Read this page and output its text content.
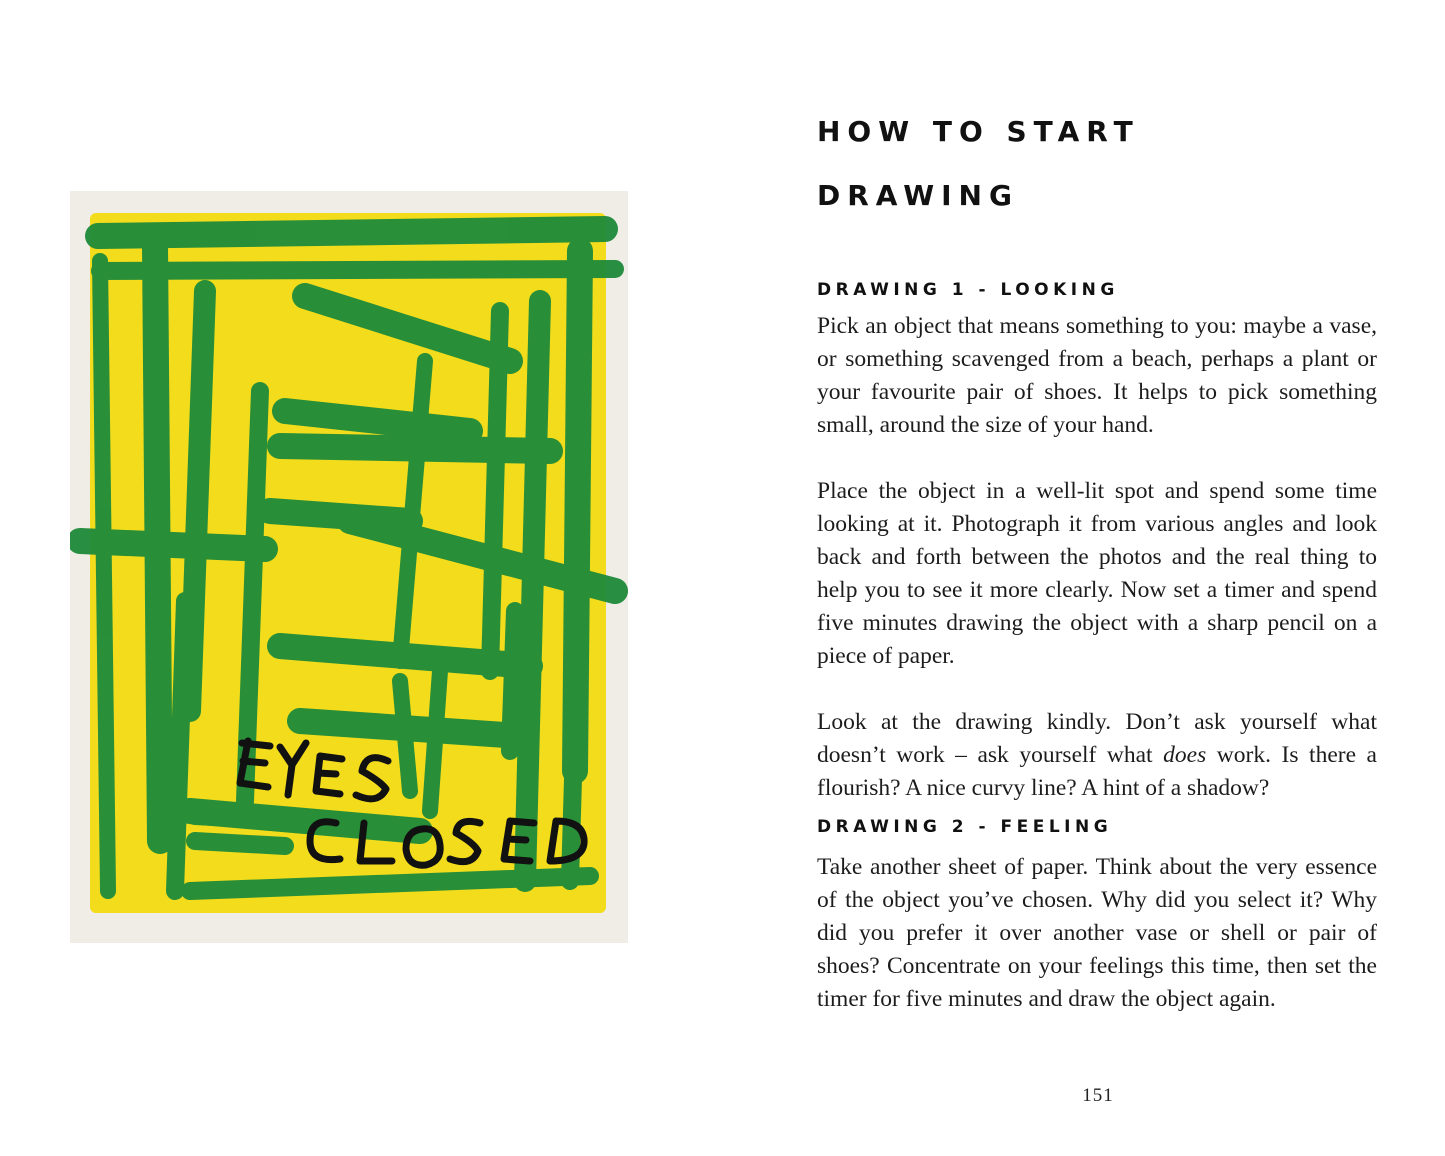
HOW TO START
DRAWING
DRAWING 1 - LOOKING

Pick an object that means something to you: maybe a vase, or something scavenged from a beach, perhaps a plant or your favourite pair of shoes. It helps to pick something small, around the size of your hand.

Place the object in a well-lit spot and spend some time looking at it. Photograph it from various angles and look back and forth between the photos and the real thing to help you to see it more clearly. Now set a timer and spend five minutes drawing the object with a sharp pencil on a piece of paper.

Look at the drawing kindly. Don’t ask yourself what doesn’t work – ask yourself what does work. Is there a flourish? A nice curvy line? A hint of a shadow?

DRAWING 2 - FEELING

Take another sheet of paper. Think about the very essence of the object you’ve chosen. Why did you select it? Why did you prefer it over another vase or shell or pair of shoes? Concentrate on your feelings this time, then set the timer for five minutes and draw the object again.

151
